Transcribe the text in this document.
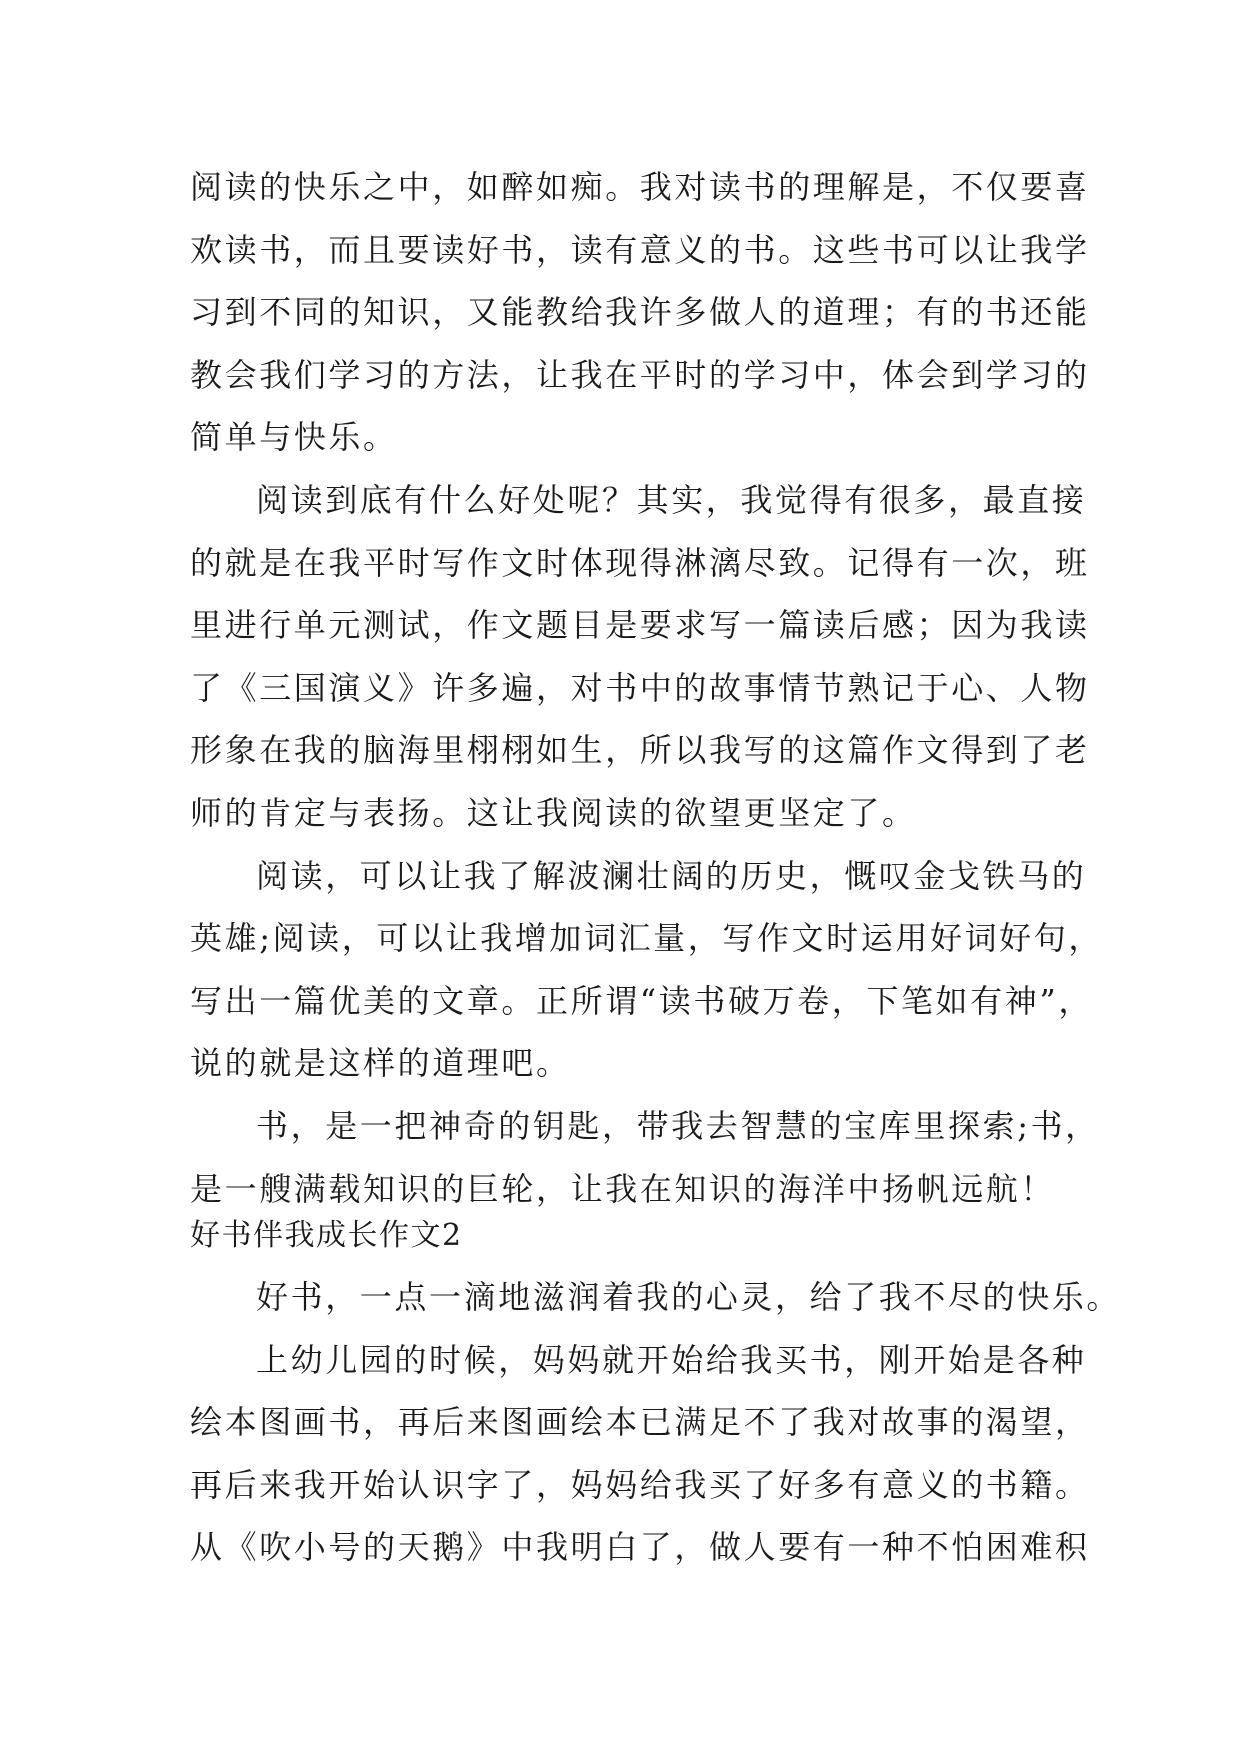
阅读的快乐之中，如醉如痴。我对读书的理解是，不仅要喜
欢读书，而且要读好书，读有意义的书。这些书可以让我学
习到不同的知识，又能教给我许多做人的道理；有的书还能
教会我们学习的方法，让我在平时的学习中，体会到学习的
简单与快乐。
阅读到底有什么好处呢？其实，我觉得有很多，最直接
的就是在我平时写作文时体现得淋漓尽致。记得有一次，班
里进行单元测试，作文题目是要求写一篇读后感；因为我读
了《三国演义》许多遍，对书中的故事情节熟记于心、人物
形象在我的脑海里栩栩如生，所以我写的这篇作文得到了老
师的肯定与表扬。这让我阅读的欲望更坚定了。
阅读，可以让我了解波澜壮阔的历史，慨叹金戈铁马的
英雄;阅读，可以让我增加词汇量，写作文时运用好词好句，
写出一篇优美的文章。正所谓“读书破万卷，下笔如有神”，
说的就是这样的道理吧。
书，是一把神奇的钥匙，带我去智慧的宝库里探索;书，
是一艘满载知识的巨轮，让我在知识的海洋中扬帆远航！
好书伴我成长作文2
好书，一点一滴地滋润着我的心灵，给了我不尽的快乐。
上幼儿园的时候，妈妈就开始给我买书，刚开始是各种
绘本图画书，再后来图画绘本已满足不了我对故事的渴望，
再后来我开始认识字了，妈妈给我买了好多有意义的书籍。
从《吹小号的天鹅》中我明白了，做人要有一种不怕困难积
